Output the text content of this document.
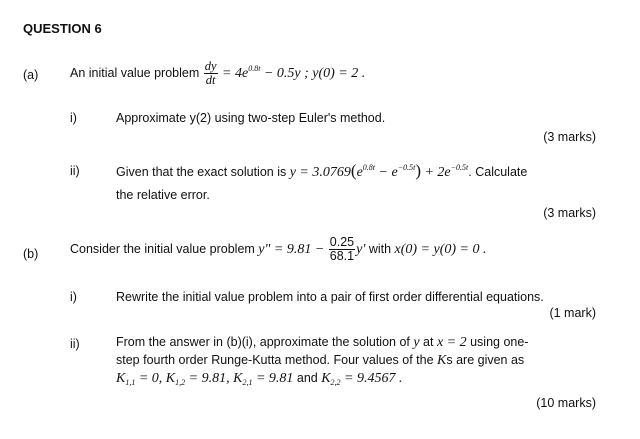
QUESTION 6
(a)	An initial value problem $\frac{dy}{dt} = 4e^{0.8t} - 0.5y$ ; y(0) = 2 .
i)	Approximate y(2) using two-step Euler's method.
(3 marks)
ii)	Given that the exact solution is $y = 3.0769(e^{0.8t} - e^{-0.5t}) + 2e^{-0.5t}$. Calculate
the relative error.
(3 marks)
(b)	Consider the initial value problem y" = $9.81 - \frac{0.25}{68.1} y'$ with x(0) = y(0) = 0 .
i)	Rewrite the initial value problem into a pair of first order differential equations.
(1 mark)
ii)	From the answer in (b)(i), approximate the solution of y at x = 2 using one-
step fourth order Runge-Kutta method. Four values of the Ks are given as
$K_{1,1} = 0$, $K_{1,2} = 9.81$, $K_{2,1} = 9.81$ and $K_{2,2} = 9.4567$ .
(10 marks)
